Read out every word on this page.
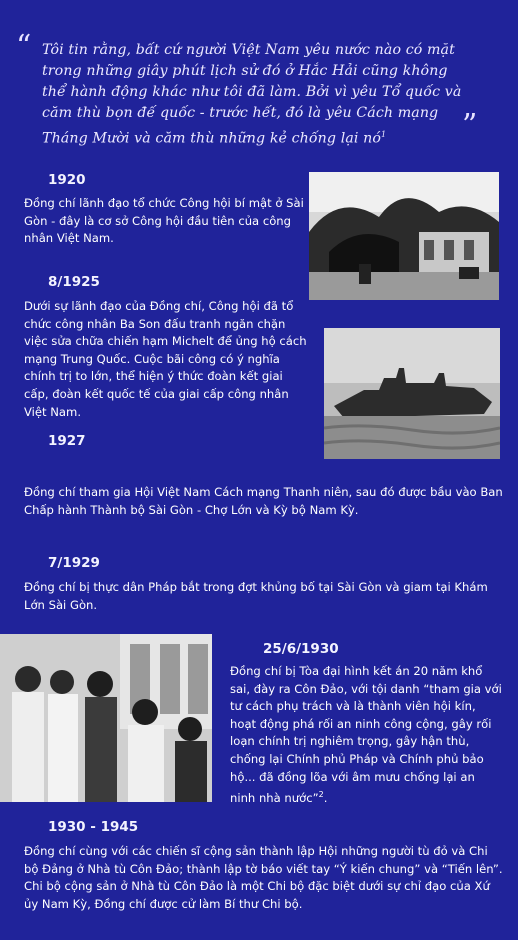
“ Tôi tin rằng, bất cứ người Việt Nam yêu nước nào có mặt trong những giây phút lịch sử đó ở Hắc Hải cũng không thể hành động khác như tôi đã làm. Bởi vì yêu Tổ quốc và căm thù bọn đế quốc - trước hết, đó là yêu Cách mạng Tháng Mười và căm thù những kẻ chống lại $nó^1$	”
1920
Đồng chí lãnh đạo tổ chức Công hội bí mật ở Sài Gòn - đây là cơ sở Công hội đầu tiên của công nhân Việt Nam.
8/1925
Dưới sự lãnh đạo của Đồng chí, Công hội đã tổ chức công nhân Ba Son đấu tranh ngăn chặn việc sửa chữa chiến hạm Michelt để ủng hộ cách mạng Trung Quốc. Cuộc bãi công có ý nghĩa chính trị to lớn, thể hiện ý thức đoàn kết giai cấp, đoàn kết quốc tế của giai cấp công nhân Việt Nam.
1927
Đồng chí tham gia Hội Việt Nam Cách mạng Thanh niên, sau đó được bầu vào Ban Chấp hành Thành bộ Sài Gòn - Chợ Lớn và Kỳ bộ Nam Kỳ.
7/1929
Đồng chí bị thực dân Pháp bắt trong đợt khủng bố tại Sài Gòn và giam tại Khám Lớn Sài Gòn.
25/6/1930
Đồng chí bị Tòa đại hình kết án 20 năm khổ sai, đày ra Côn Đảo, với tội danh “tham gia với tư cách phụ trách và là thành viên hội kín, hoạt động phá rối an ninh công cộng, gây rối loạn chính trị nghiêm trọng, gây hận thù, chống lại Chính phủ Pháp và Chính phủ bảo hộ... đã đồng lõa với âm mưu chống lại an ninh nhà nước”$^2$.
1930 - 1945
Đồng chí cùng với các chiến sĩ cộng sản thành lập Hội những người tù đỏ và Chi bộ Đảng ở Nhà tù Côn Đảo; thành lập tờ báo viết tay “Ý kiến chung” và “Tiến lên”. Chi bộ cộng sản ở Nhà tù Côn Đảo là một Chi bộ đặc biệt dưới sự chỉ đạo của Xứ ủy Nam Kỳ, Đồng chí được cử làm Bí thư Chi bộ.
